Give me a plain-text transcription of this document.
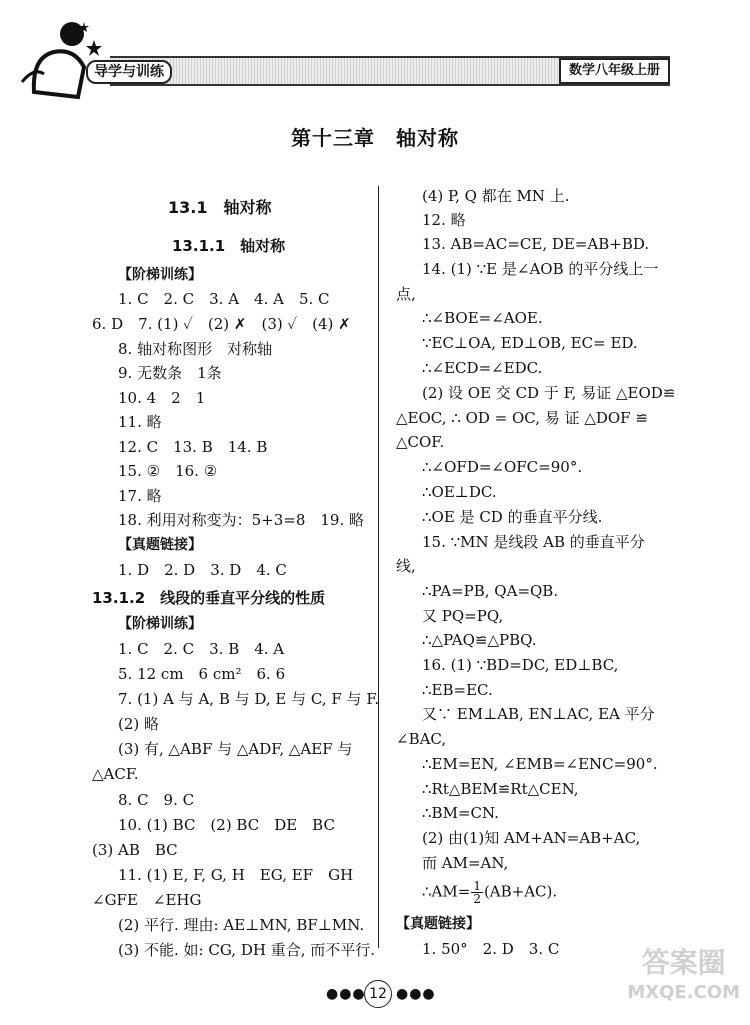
导学与训练	数学八年级上册
第十三章　轴对称
13.1　轴对称
13.1.1　轴对称
【阶梯训练】
1. C　2. C　3. A　4. A　5. C
6. D　7. (1) ✓　(2) ✗　(3) ✓　(4) ✗
8. 轴对称图形　对称轴
9. 无数条　1条
10. 4　2　1
11. 略
12. C　13. B　14. B
15. ②　16. ②
17. 略
18. 利用对称变为：5+3=8　19. 略
【真题链接】
1. D　2. D　3. D　4. C
13.1.2　线段的垂直平分线的性质
【阶梯训练】
1. C　2. C　3. B　4. A
5. 12 cm　6 cm²　6. 6
7. (1) A 与 A, B 与 D, E 与 C, F 与 F.
(2) 略
(3) 有, △ABF 与 △ADF, △AEF 与
△ACF.
8. C　9. C
10. (1) BC　(2) BC　DE　BC
(3) AB　BC
11. (1) E, F, G, H　EG, EF　GH
∠GFE　∠EHG
(2) 平行. 理由: AE⊥MN, BF⊥MN.
(3) 不能. 如: CG, DH 重合, 而不平行.
(4) P, Q 都在 MN 上.
12. 略
13. AB=AC=CE, DE=AB+BD.
14. (1) ∵E 是∠AOB 的平分线上一
点,
∴∠BOE=∠AOE.
∵EC⊥OA, ED⊥OB, EC= ED.
∴∠ECD=∠EDC.
(2) 设 OE 交 CD 于 F, 易证 △EOD≌
△EOC, ∴ OD = OC, 易 证 △DOF ≌
△COF.
∴∠OFD=∠OFC=90°.
∴OE⊥DC.
∴OE 是 CD 的垂直平分线.
15. ∵MN 是线段 AB 的垂直平分
线,
∴PA=PB, QA=QB.
又 PQ=PQ,
∴△PAQ≌△PBQ.
16. (1) ∵BD=DC, ED⊥BC,
∴EB=EC.
又∵ EM⊥AB, EN⊥AC, EA 平分
∠BAC,
∴EM=EN, ∠EMB=∠ENC=90°.
∴Rt△BEM≌Rt△CEN,
∴BM=CN.
(2) 由(1)知 AM+AN=AB+AC,
而 AM=AN,
∴AM= $\frac{1}{2} (AB+AC)$.
【真题链接】
1. 50°　2. D　3. C
●●● 12 ●●●
答案圈
MXQE.COM
